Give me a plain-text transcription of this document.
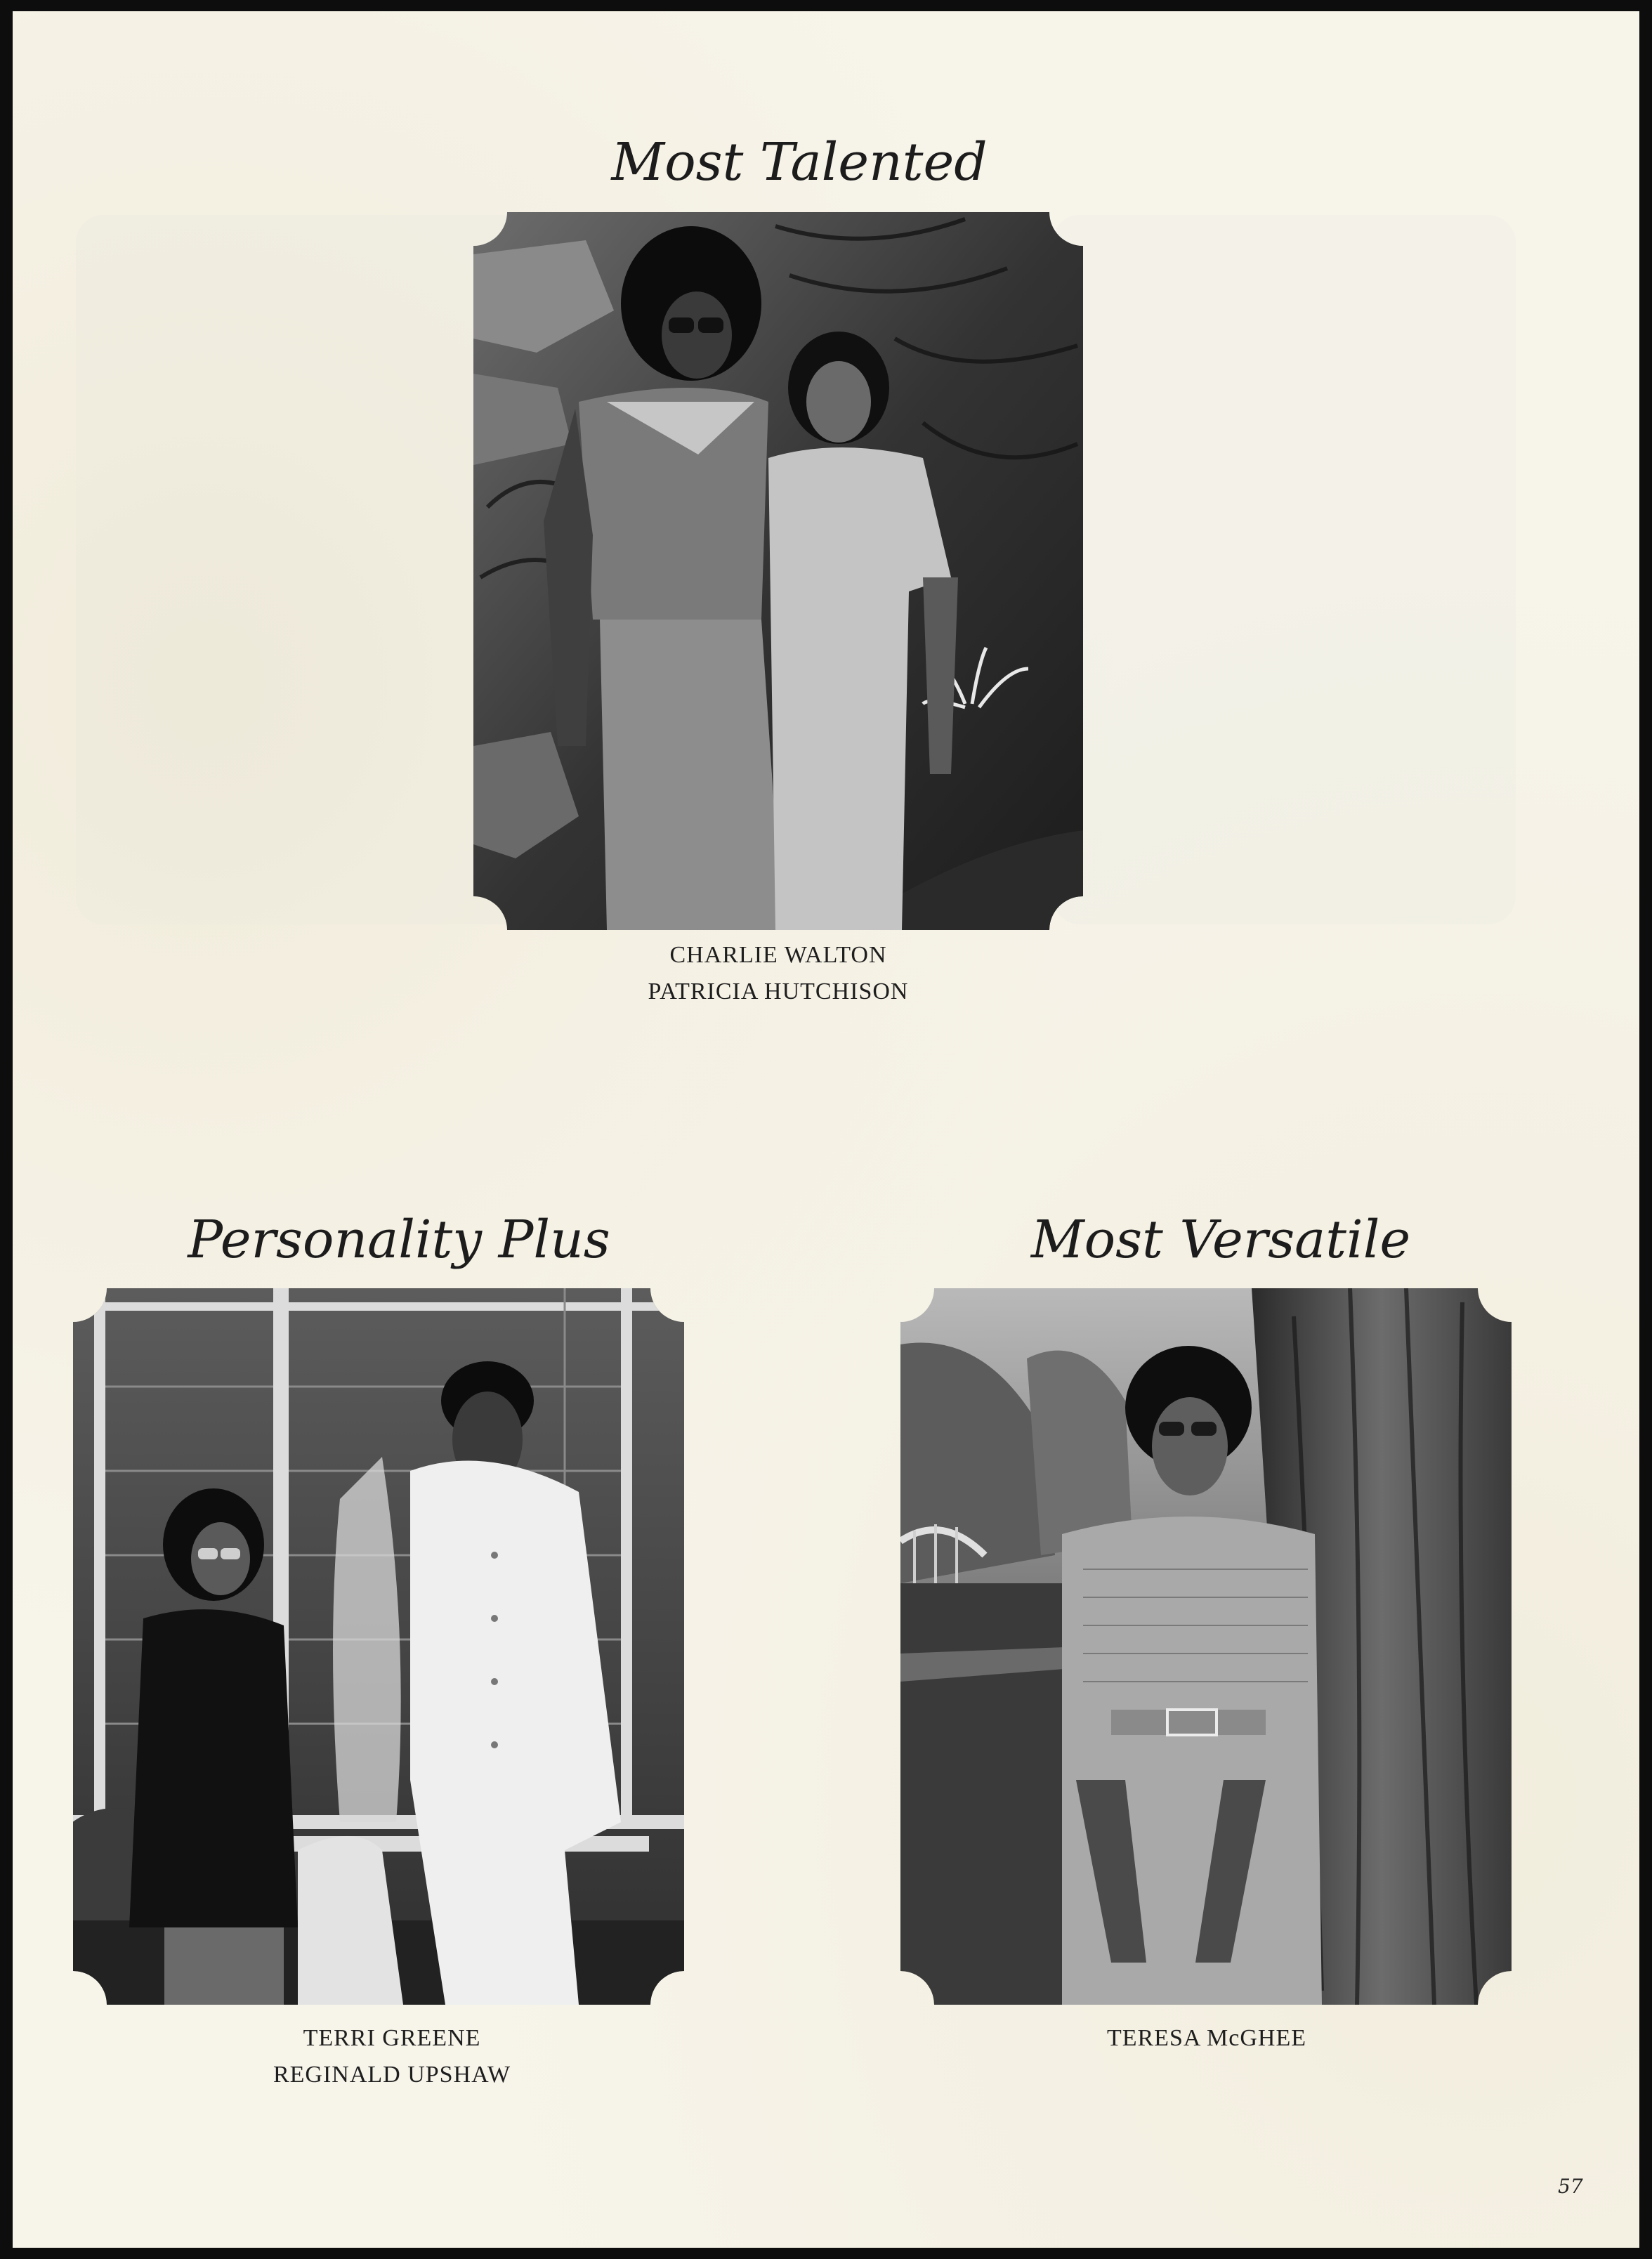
Most Talented
CHARLIE WALTON
PATRICIA HUTCHISON
Personality Plus
TERRI GREENE
REGINALD UPSHAW
Most Versatile
TERESA McGHEE
57
